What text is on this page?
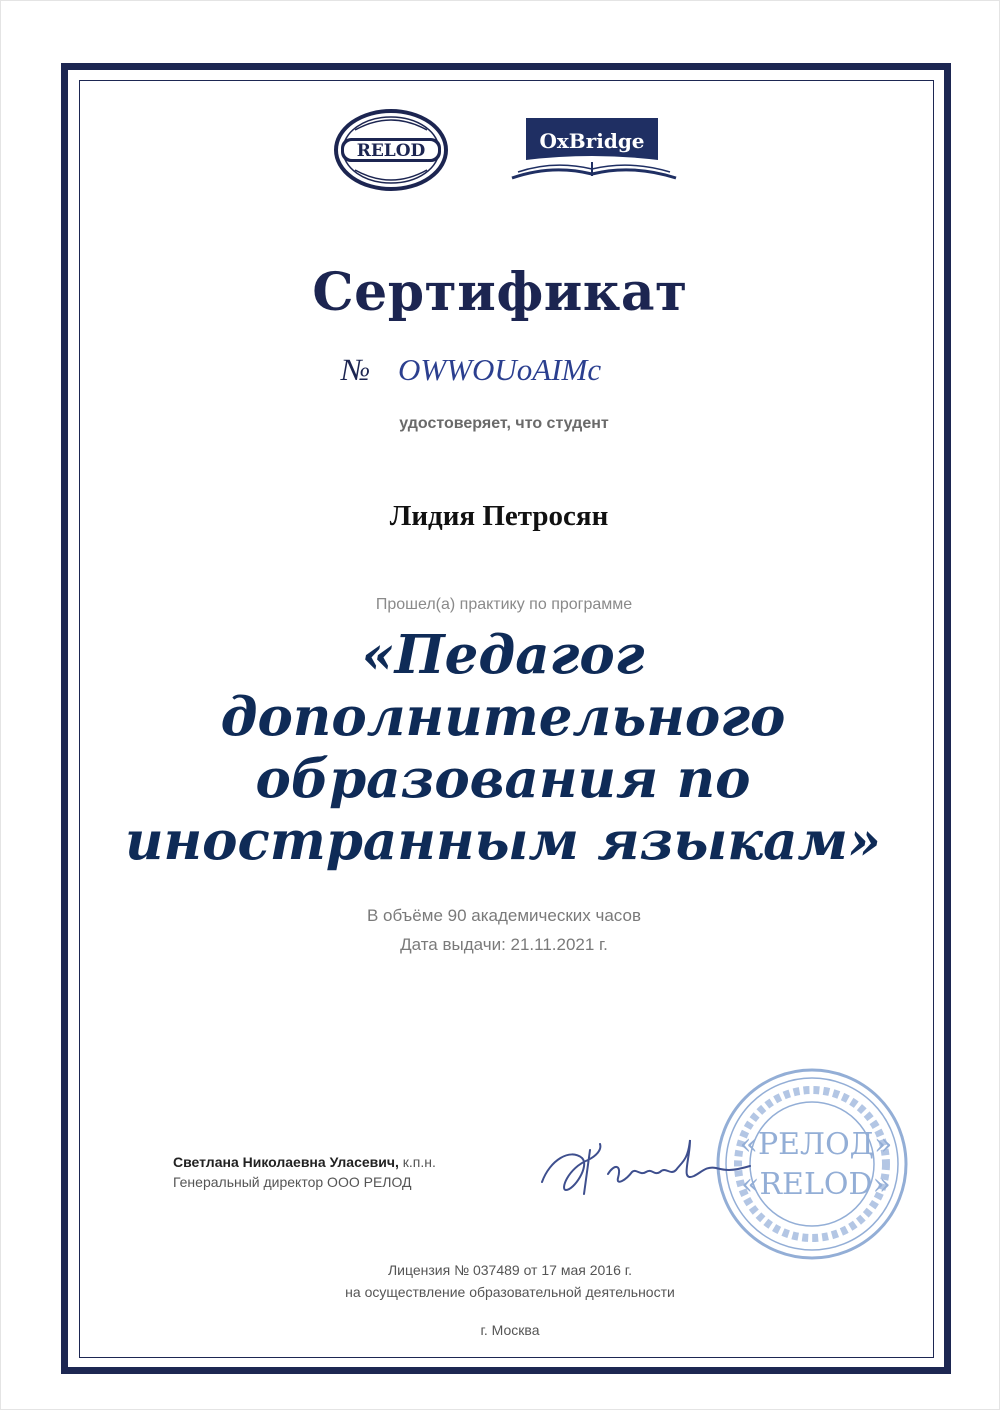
RELOD	OxBridge
Сертификат
№ OWWOUoAIMc
удостоверяет, что студент
Лидия Петросян
Прошел(а) практику по программе
«Педагог
дополнительного
образования по
иностранным языкам»
В объёме 90 академических часов
Дата выдачи: 21.11.2021 г.
«РЕЛОД»
«RELOD»
Светлана Николаевна Уласевич, к.п.н.
Генеральный директор ООО РЕЛОД
Лицензия № 037489 от 17 мая 2016 г.
на осуществление образовательной деятельности
г. Москва
